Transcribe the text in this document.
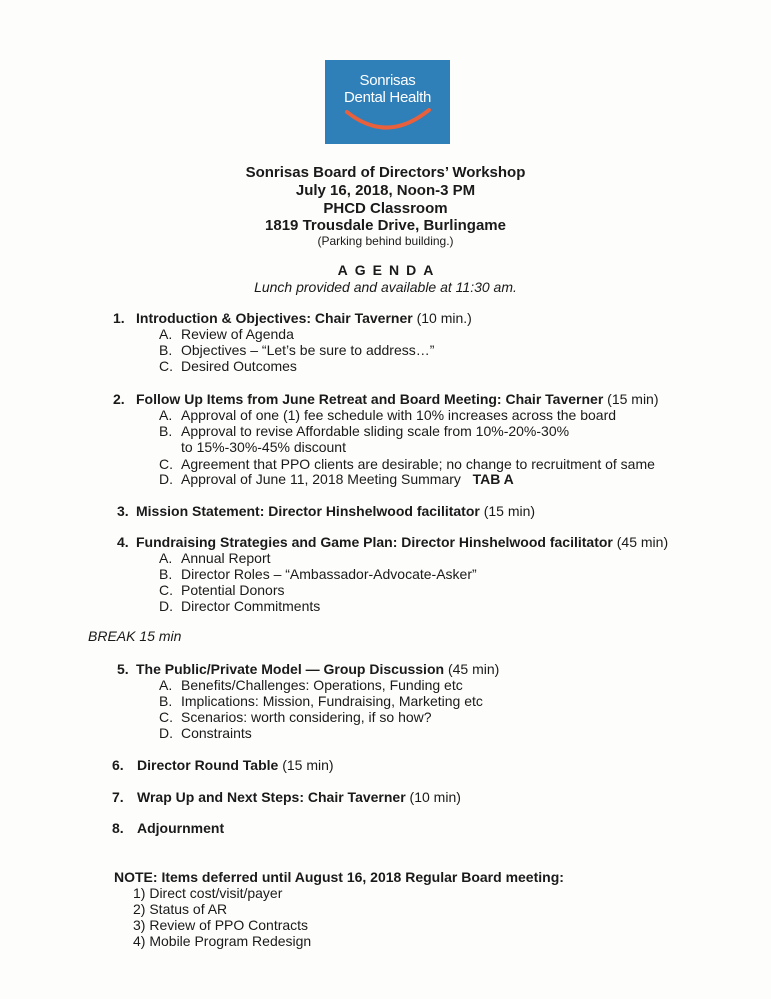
Sonrisas
Dental Health
Sonrisas Board of Directors’ Workshop
July 16, 2018, Noon-3 PM
PHCD Classroom
1819 Trousdale Drive, Burlingame
(Parking behind building.)
AGENDA
Lunch provided and available at 11:30 am.
1. Introduction & Objectives: Chair Taverner (10 min.)
A. Review of Agenda
B. Objectives – “Let’s be sure to address…”
C. Desired Outcomes
2. Follow Up Items from June Retreat and Board Meeting: Chair Taverner (15 min)
A. Approval of one (1) fee schedule with 10% increases across the board
B. Approval to revise Affordable sliding scale from 10%-20%-30%
to 15%-30%-45% discount
C. Agreement that PPO clients are desirable; no change to recruitment of same
D. Approval of June 11, 2018 Meeting Summary TAB A
3. Mission Statement: Director Hinshelwood facilitator (15 min)
4. Fundraising Strategies and Game Plan: Director Hinshelwood facilitator (45 min)
A. Annual Report
B. Director Roles – “Ambassador-Advocate-Asker”
C. Potential Donors
D. Director Commitments
BREAK 15 min
5. The Public/Private Model — Group Discussion (45 min)
A. Benefits/Challenges: Operations, Funding etc
B. Implications: Mission, Fundraising, Marketing etc
C. Scenarios: worth considering, if so how?
D. Constraints
6. Director Round Table (15 min)
7. Wrap Up and Next Steps: Chair Taverner (10 min)
8. Adjournment
NOTE: Items deferred until August 16, 2018 Regular Board meeting:
1) Direct cost/visit/payer
2) Status of AR
3) Review of PPO Contracts
4) Mobile Program Redesign
